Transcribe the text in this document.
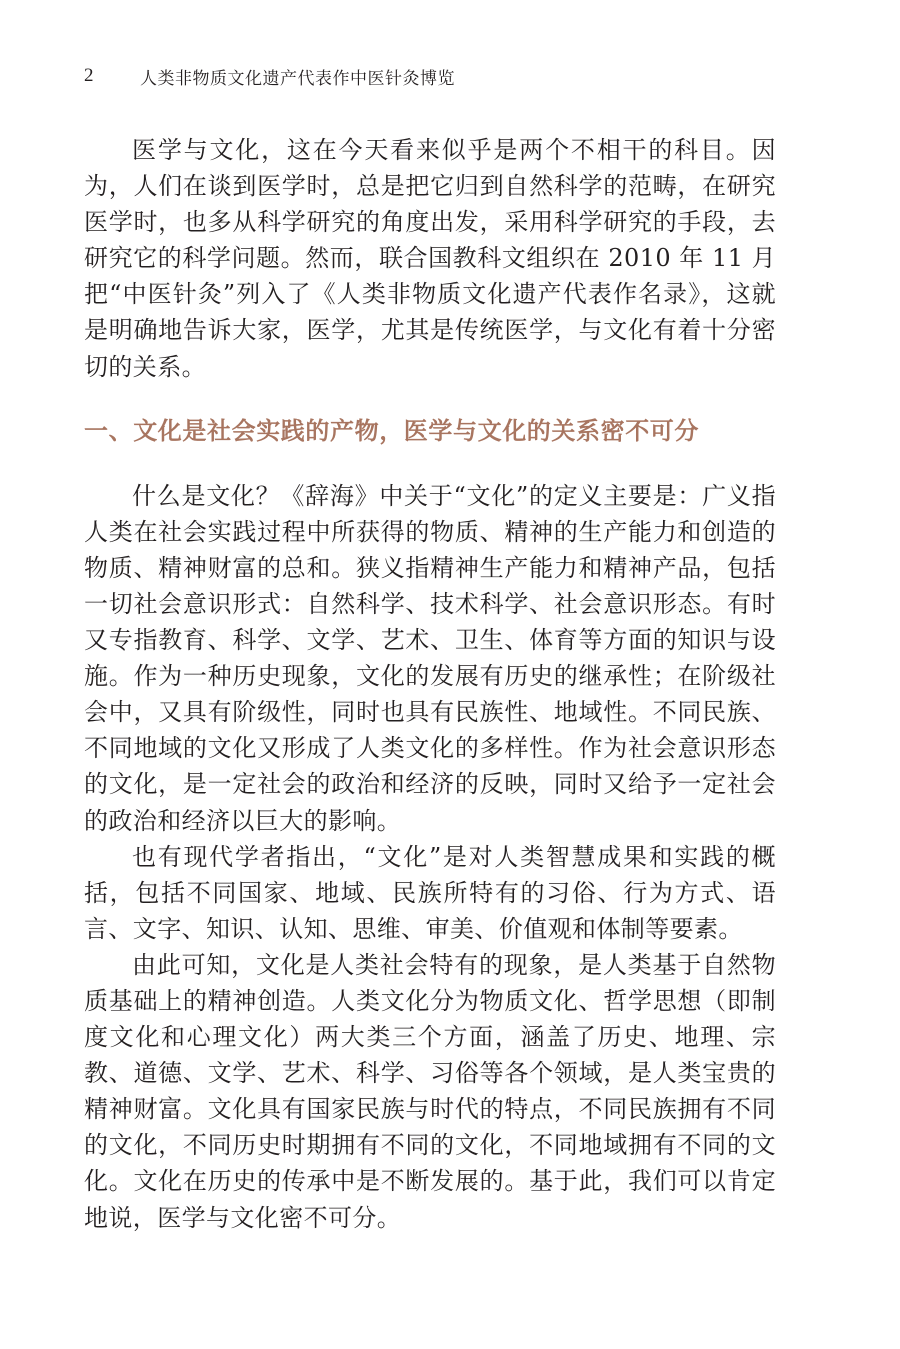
2	人类非物质文化遗产代表作中医针灸博览

医学与文化，这在今天看来似乎是两个不相干的科目。因为，人们在谈到医学时，总是把它归到自然科学的范畴，在研究医学时，也多从科学研究的角度出发，采用科学研究的手段，去研究它的科学问题。然而，联合国教科文组织在 2010 年 11 月把“中医针灸”列入了《人类非物质文化遗产代表作名录》，这就是明确地告诉大家，医学，尤其是传统医学，与文化有着十分密切的关系。

一、文化是社会实践的产物，医学与文化的关系密不可分

什么是文化？《辞海》中关于“文化”的定义主要是：广义指人类在社会实践过程中所获得的物质、精神的生产能力和创造的物质、精神财富的总和。狭义指精神生产能力和精神产品，包括一切社会意识形式：自然科学、技术科学、社会意识形态。有时又专指教育、科学、文学、艺术、卫生、体育等方面的知识与设施。作为一种历史现象，文化的发展有历史的继承性；在阶级社会中，又具有阶级性，同时也具有民族性、地域性。不同民族、不同地域的文化又形成了人类文化的多样性。作为社会意识形态的文化，是一定社会的政治和经济的反映，同时又给予一定社会的政治和经济以巨大的影响。

也有现代学者指出，“文化”是对人类智慧成果和实践的概括，包括不同国家、地域、民族所特有的习俗、行为方式、语言、文字、知识、认知、思维、审美、价值观和体制等要素。

由此可知，文化是人类社会特有的现象，是人类基于自然物质基础上的精神创造。人类文化分为物质文化、哲学思想（即制度文化和心理文化）两大类三个方面，涵盖了历史、地理、宗教、道德、文学、艺术、科学、习俗等各个领域，是人类宝贵的精神财富。文化具有国家民族与时代的特点，不同民族拥有不同的文化，不同历史时期拥有不同的文化，不同地域拥有不同的文化。文化在历史的传承中是不断发展的。基于此，我们可以肯定地说，医学与文化密不可分。
